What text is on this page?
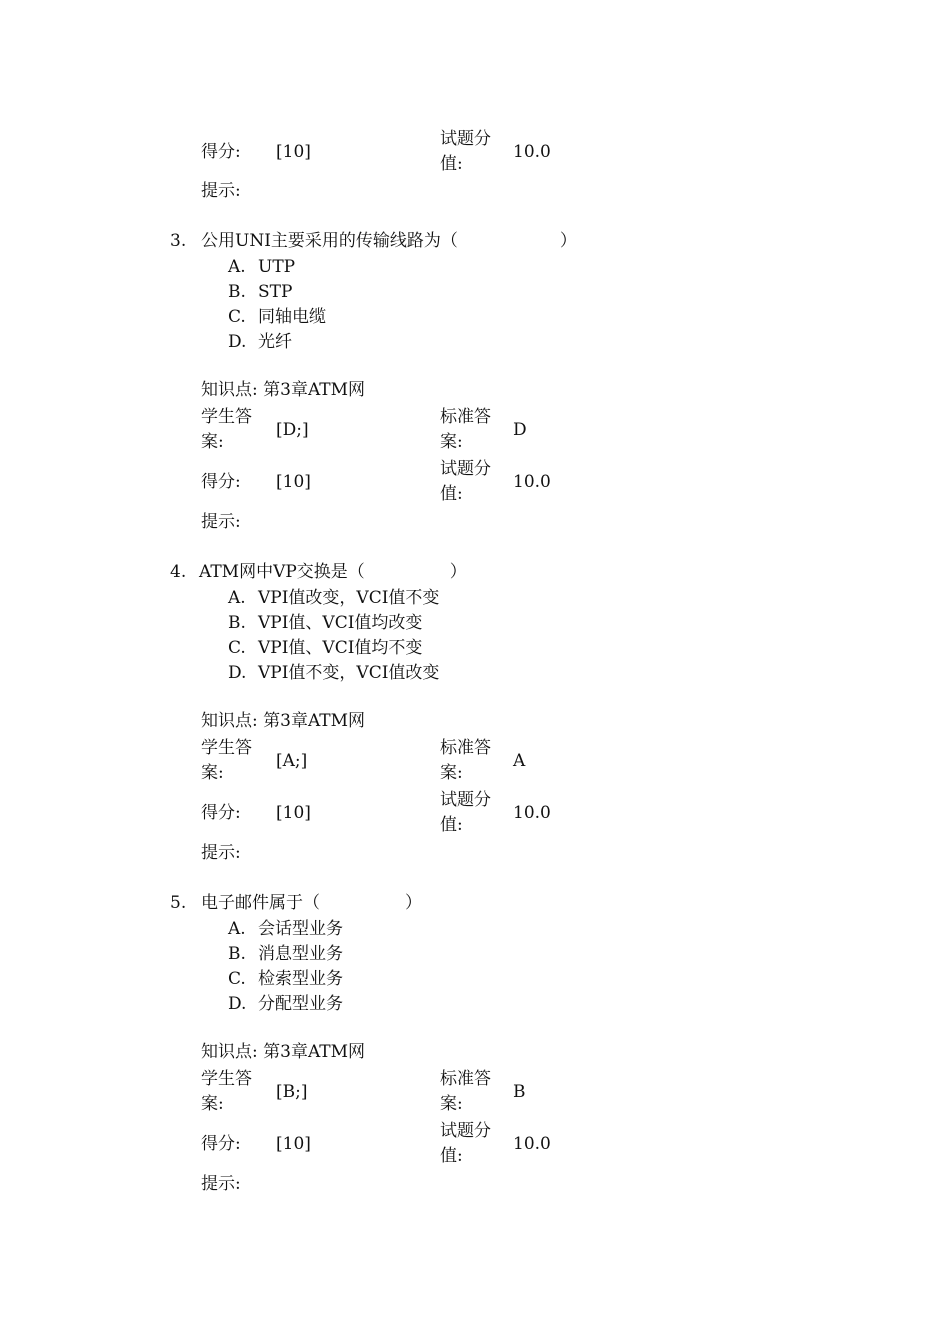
得分: [10]
试题分值:
10.0
提示:
3. 公用UNI主要采用的传输线路为（　　　　　　）
A. UTP
B. STP
C. 同轴电缆
D. 光纤
知识点: 第3章ATM网
学生答案:
[D;]
标准答案:
D
得分: [10]
试题分值:
10.0
提示:
4. ATM网中VP交换是（　　　　　）
A. VPI值改变，VCI值不变
B. VPI值、VCI值均改变
C. VPI值、VCI值均不变
D. VPI值不变，VCI值改变
知识点: 第3章ATM网
学生答案:
[A;]
标准答案:
A
得分: [10]
试题分值:
10.0
提示:
5. 电子邮件属于（　　　　　）
A. 会话型业务
B. 消息型业务
C. 检索型业务
D. 分配型业务
知识点: 第3章ATM网
学生答案:
[B;]
标准答案:
B
得分: [10]
试题分值:
10.0
提示:
